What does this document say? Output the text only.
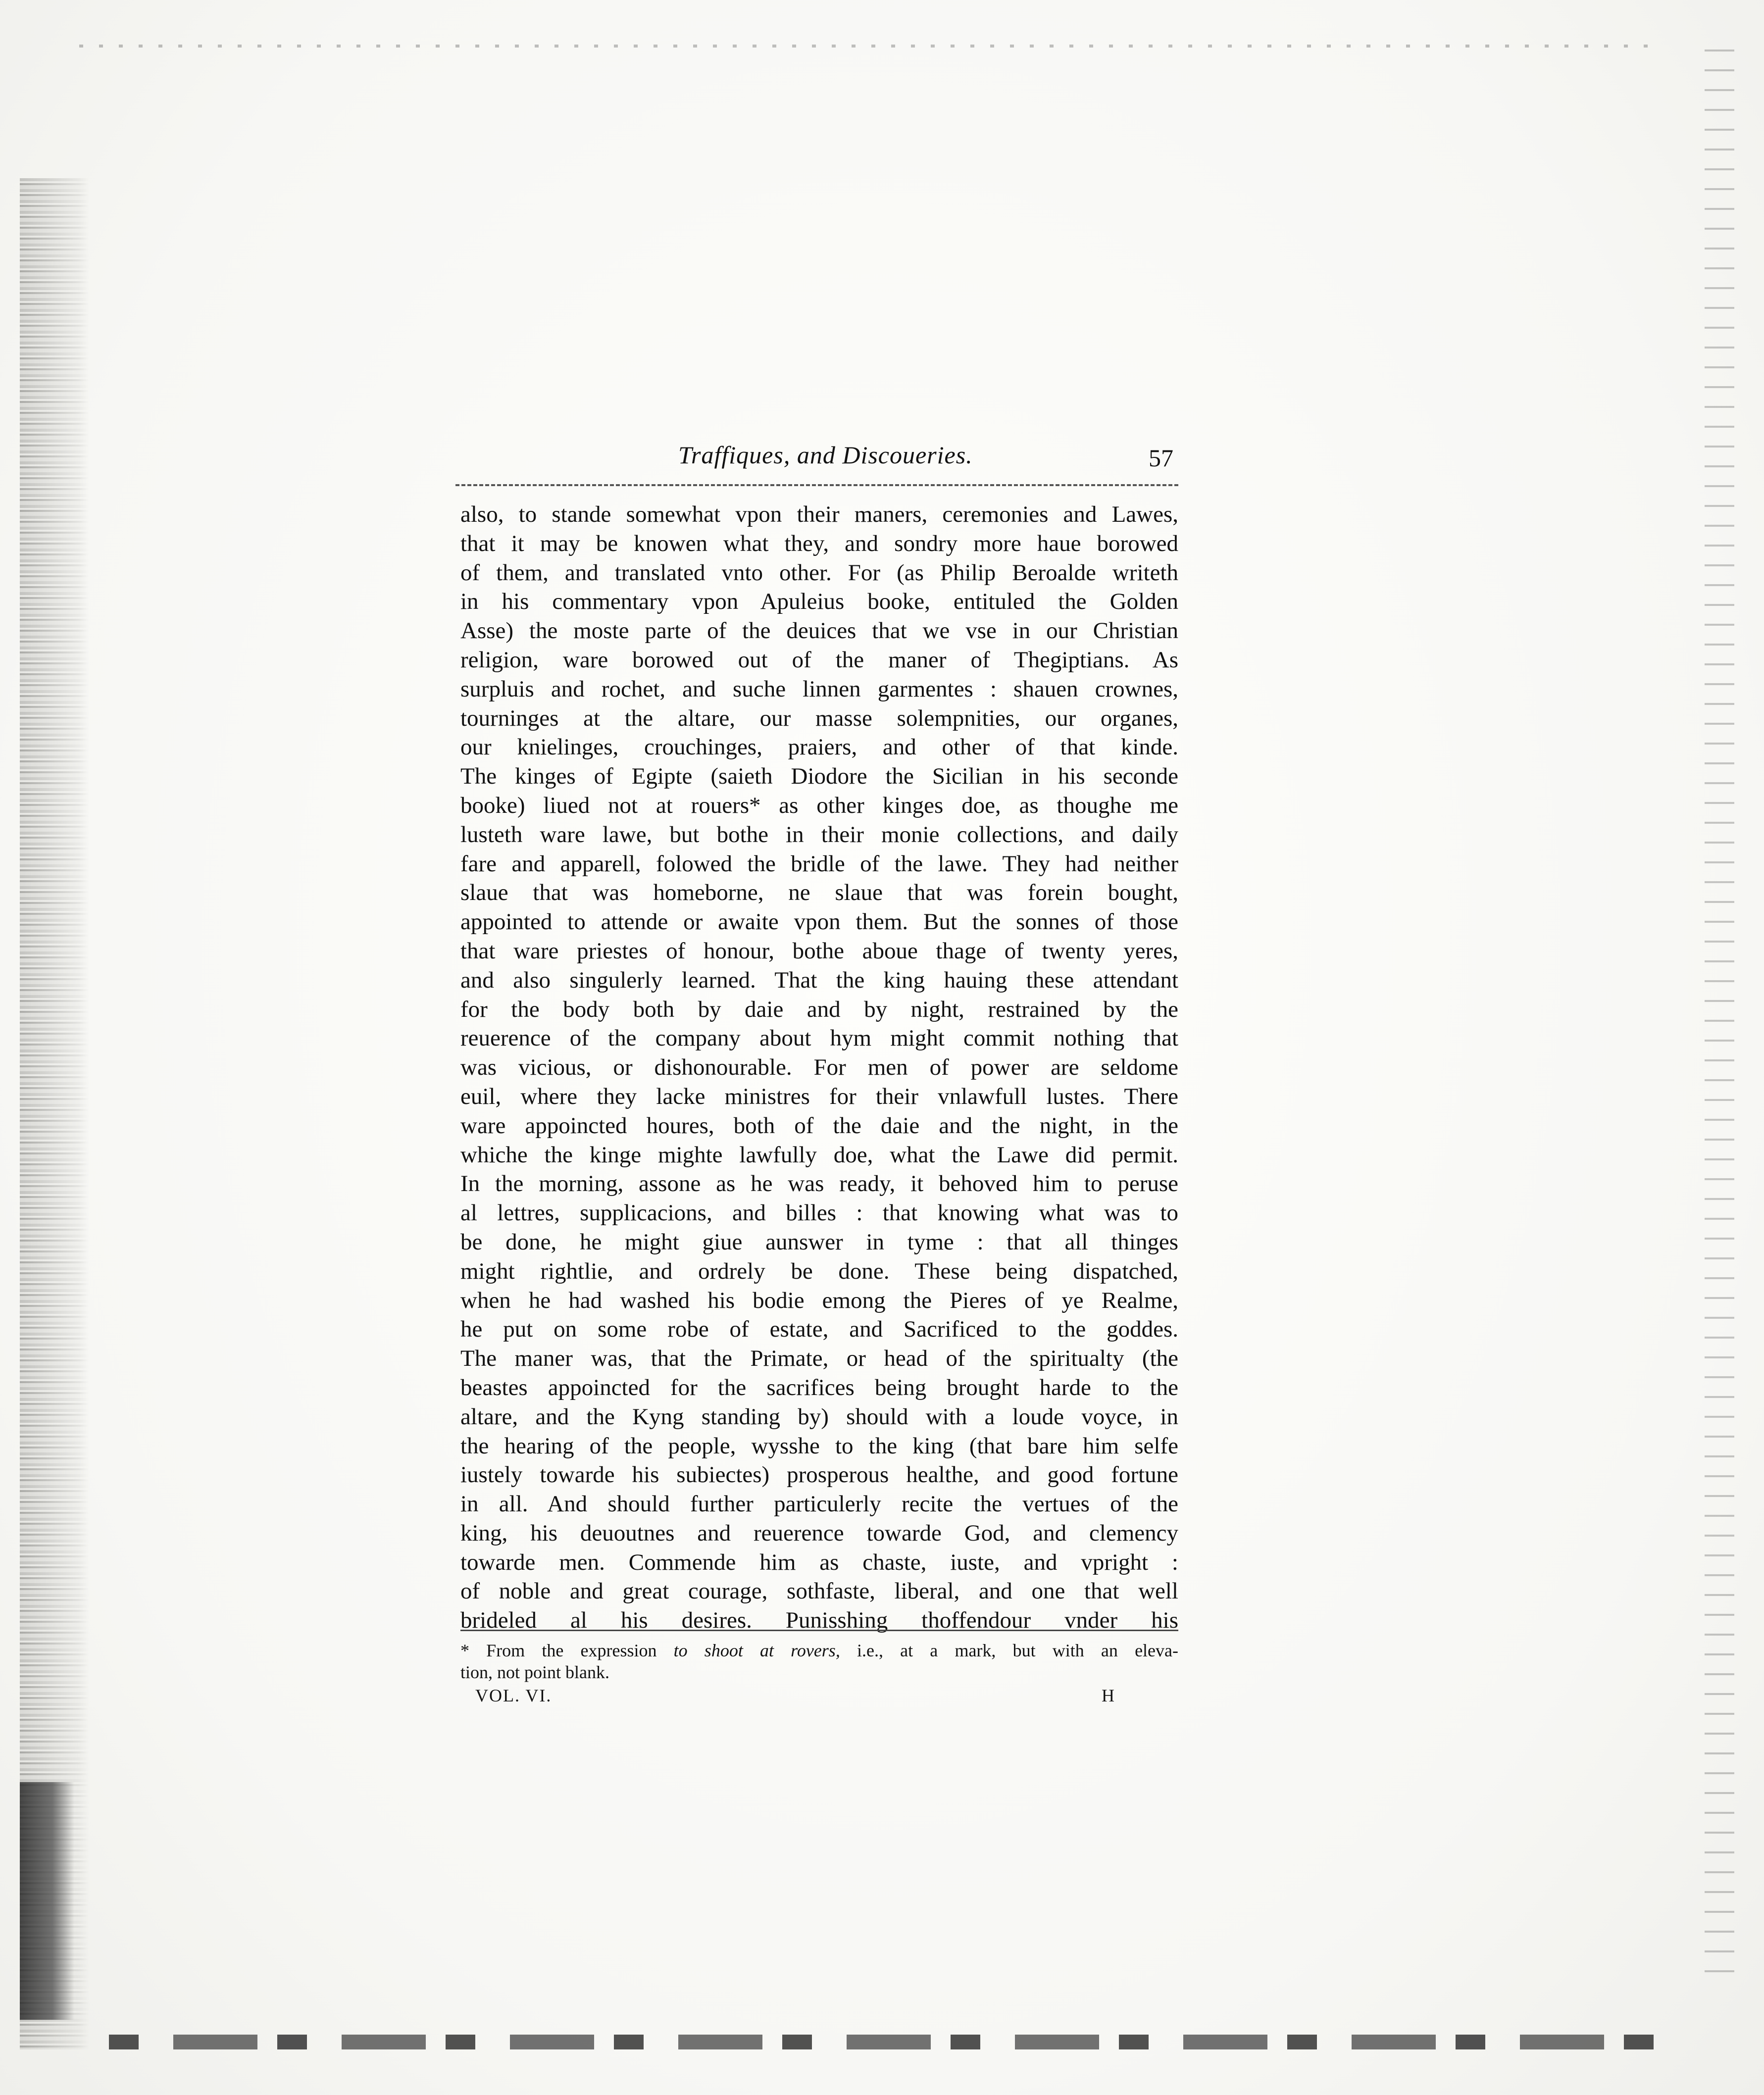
Traffiques, and Discoueries.	57
also, to stande somewhat vpon their maners, ceremonies and Lawes,
that it may be knowen what they, and sondry more haue borowed
of them, and translated vnto other. For (as Philip Beroalde writeth
in his commentary vpon Apuleius booke, entituled the Golden
Asse) the moste parte of the deuices that we vse in our Christian
religion, ware borowed out of the maner of Thegiptians. As
surpluis and rochet, and suche linnen garmentes : shauen crownes,
tourninges at the altare, our masse solempnities, our organes,
our knielinges, crouchinges, praiers, and other of that kinde.
The kinges of Egipte (saieth Diodore the Sicilian in his seconde
booke) liued not at rouers* as other kinges doe, as thoughe me
lusteth ware lawe, but bothe in their monie collections, and daily
fare and apparell, folowed the bridle of the lawe. They had neither
slaue that was homeborne, ne slaue that was forein bought,
appointed to attende or awaite vpon them. But the sonnes of those
that ware priestes of honour, bothe aboue thage of twenty yeres,
and also singulerly learned. That the king hauing these attendant
for the body both by daie and by night, restrained by the
reuerence of the company about hym might commit nothing that
was vicious, or dishonourable. For men of power are seldome
euil, where they lacke ministres for their vnlawfull lustes. There
ware appoincted houres, both of the daie and the night, in the
whiche the kinge mighte lawfully doe, what the Lawe did permit.
In the morning, assone as he was ready, it behoved him to peruse
al lettres, supplicacions, and billes : that knowing what was to
be done, he might giue aunswer in tyme : that all thinges
might rightlie, and ordrely be done. These being dispatched,
when he had washed his bodie emong the Pieres of ye Realme,
he put on some robe of estate, and Sacrificed to the goddes.
The maner was, that the Primate, or head of the spiritualty (the
beastes appoincted for the sacrifices being brought harde to the
altare, and the Kyng standing by) should with a loude voyce, in
the hearing of the people, wysshe to the king (that bare him selfe
iustely towarde his subiectes) prosperous healthe, and good fortune
in all. And should further particulerly recite the vertues of the
king, his deuoutnes and reuerence towarde God, and clemency
towarde men. Commende him as chaste, iuste, and vpright :
of noble and great courage, sothfaste, liberal, and one that well
brideled al his desires. Punisshing thoffendour vnder his
* From the expression to shoot at rovers, i.e., at a mark, but with an eleva-
tion, not point blank.
VOL. VI.	H
